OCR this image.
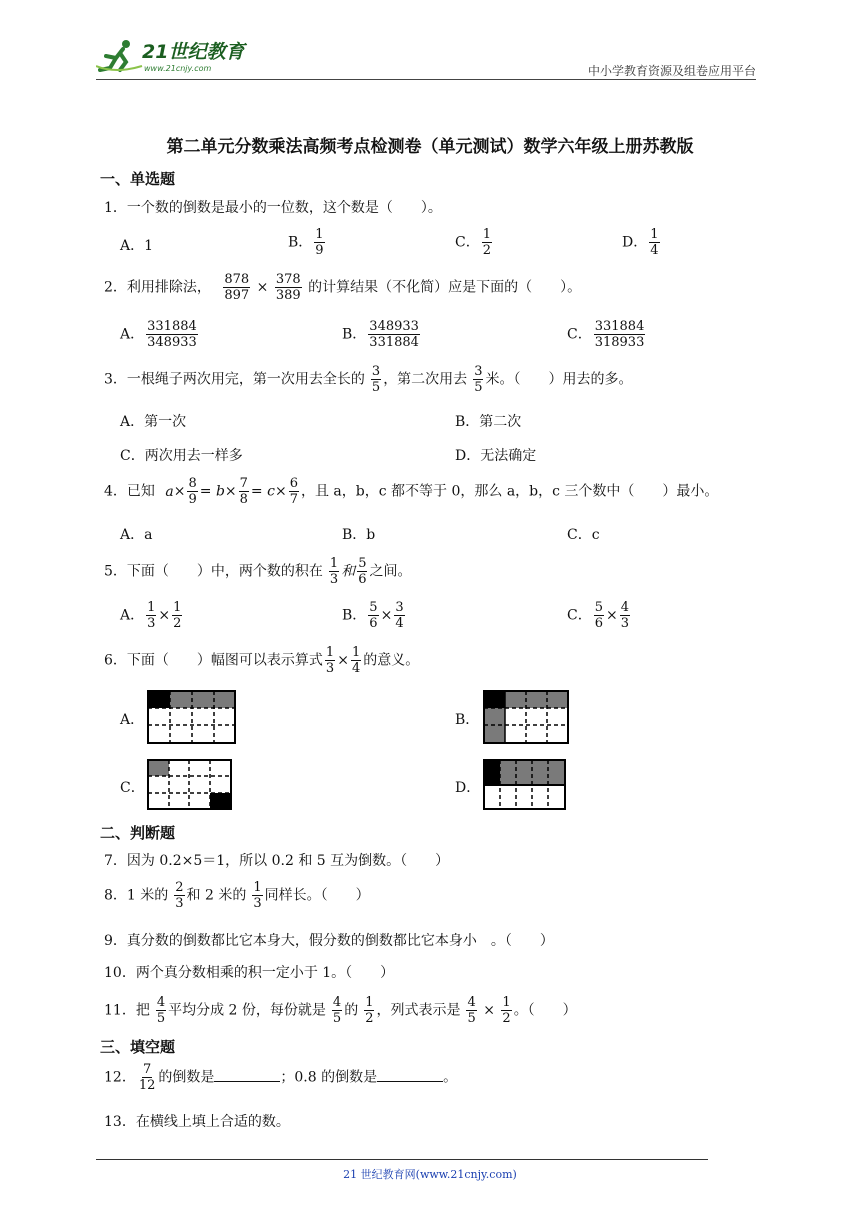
21世纪教育
www.21cnjy.com	中小学教育资源及组卷应用平台
第二单元分数乘法高频考点检测卷（单元测试）数学六年级上册苏教版
一、单选题
1．一个数的倒数是最小的一位数，这个数是（　　）。
A．1	B． $\frac{1}{9}$	C． $\frac{1}{2}$	D． $\frac{1}{4}$
2．利用排除法， $\frac{878}{897} \times \frac{378}{389}$ 的计算结果（不化简）应是下面的（　　）。
A． $\frac{331884}{348933}$	B． $\frac{348933}{331884}$	C． $\frac{331884}{318933}$
3．一根绳子两次用完，第一次用去全长的 $\frac{3}{5}$ ，第二次用去 $\frac{3}{5}$ 米。（　　）用去的多。
A．第一次	B．第二次
C．两次用去一样多	D．无法确定
4．已知 $a\times \frac{8}{9} = b\times \frac{7}{8} = c\times \frac{6}{7}$ ，且 a，b，c 都不等于 0，那么 a，b，c 三个数中（　　）最小。
A．a	B．b	C．c
5．下面（　　）中，两个数的积在 $\frac{1}{3}$ 和 $\frac{5}{6}$ 之间。
A． $\frac{1}{3} \times \frac{1}{2}$	B． $\frac{5}{6} \times \frac{3}{4}$	C． $\frac{5}{6} \times \frac{4}{3}$
6．下面（　　）幅图可以表示算式 $\frac{1}{3} \times \frac{1}{4}$ 的意义。
A．	B．
C．	D．
二、判断题
7．因为 0.2×5＝1，所以 0.2 和 5 互为倒数。（　　）
8．1 米的 $\frac{2}{3}$ 和 2 米的 $\frac{1}{3}$ 同样长。（　　）
9．真分数的倒数都比它本身大，假分数的倒数都比它本身小　。（　　）
10．两个真分数相乘的积一定小于 1。（　　）
11．把 $\frac{4}{5}$ 平均分成 2 份，每份就是 $\frac{4}{5}$ 的 $\frac{1}{2}$ ，列式表示是 $\frac{4}{5} \times \frac{1}{2}$ 。（　　）
三、填空题
12． $\frac{7}{12}$ 的倒数是	；0.8 的倒数是	。
13．在横线上填上合适的数。
21 世纪教育网(www.21cnjy.com)
